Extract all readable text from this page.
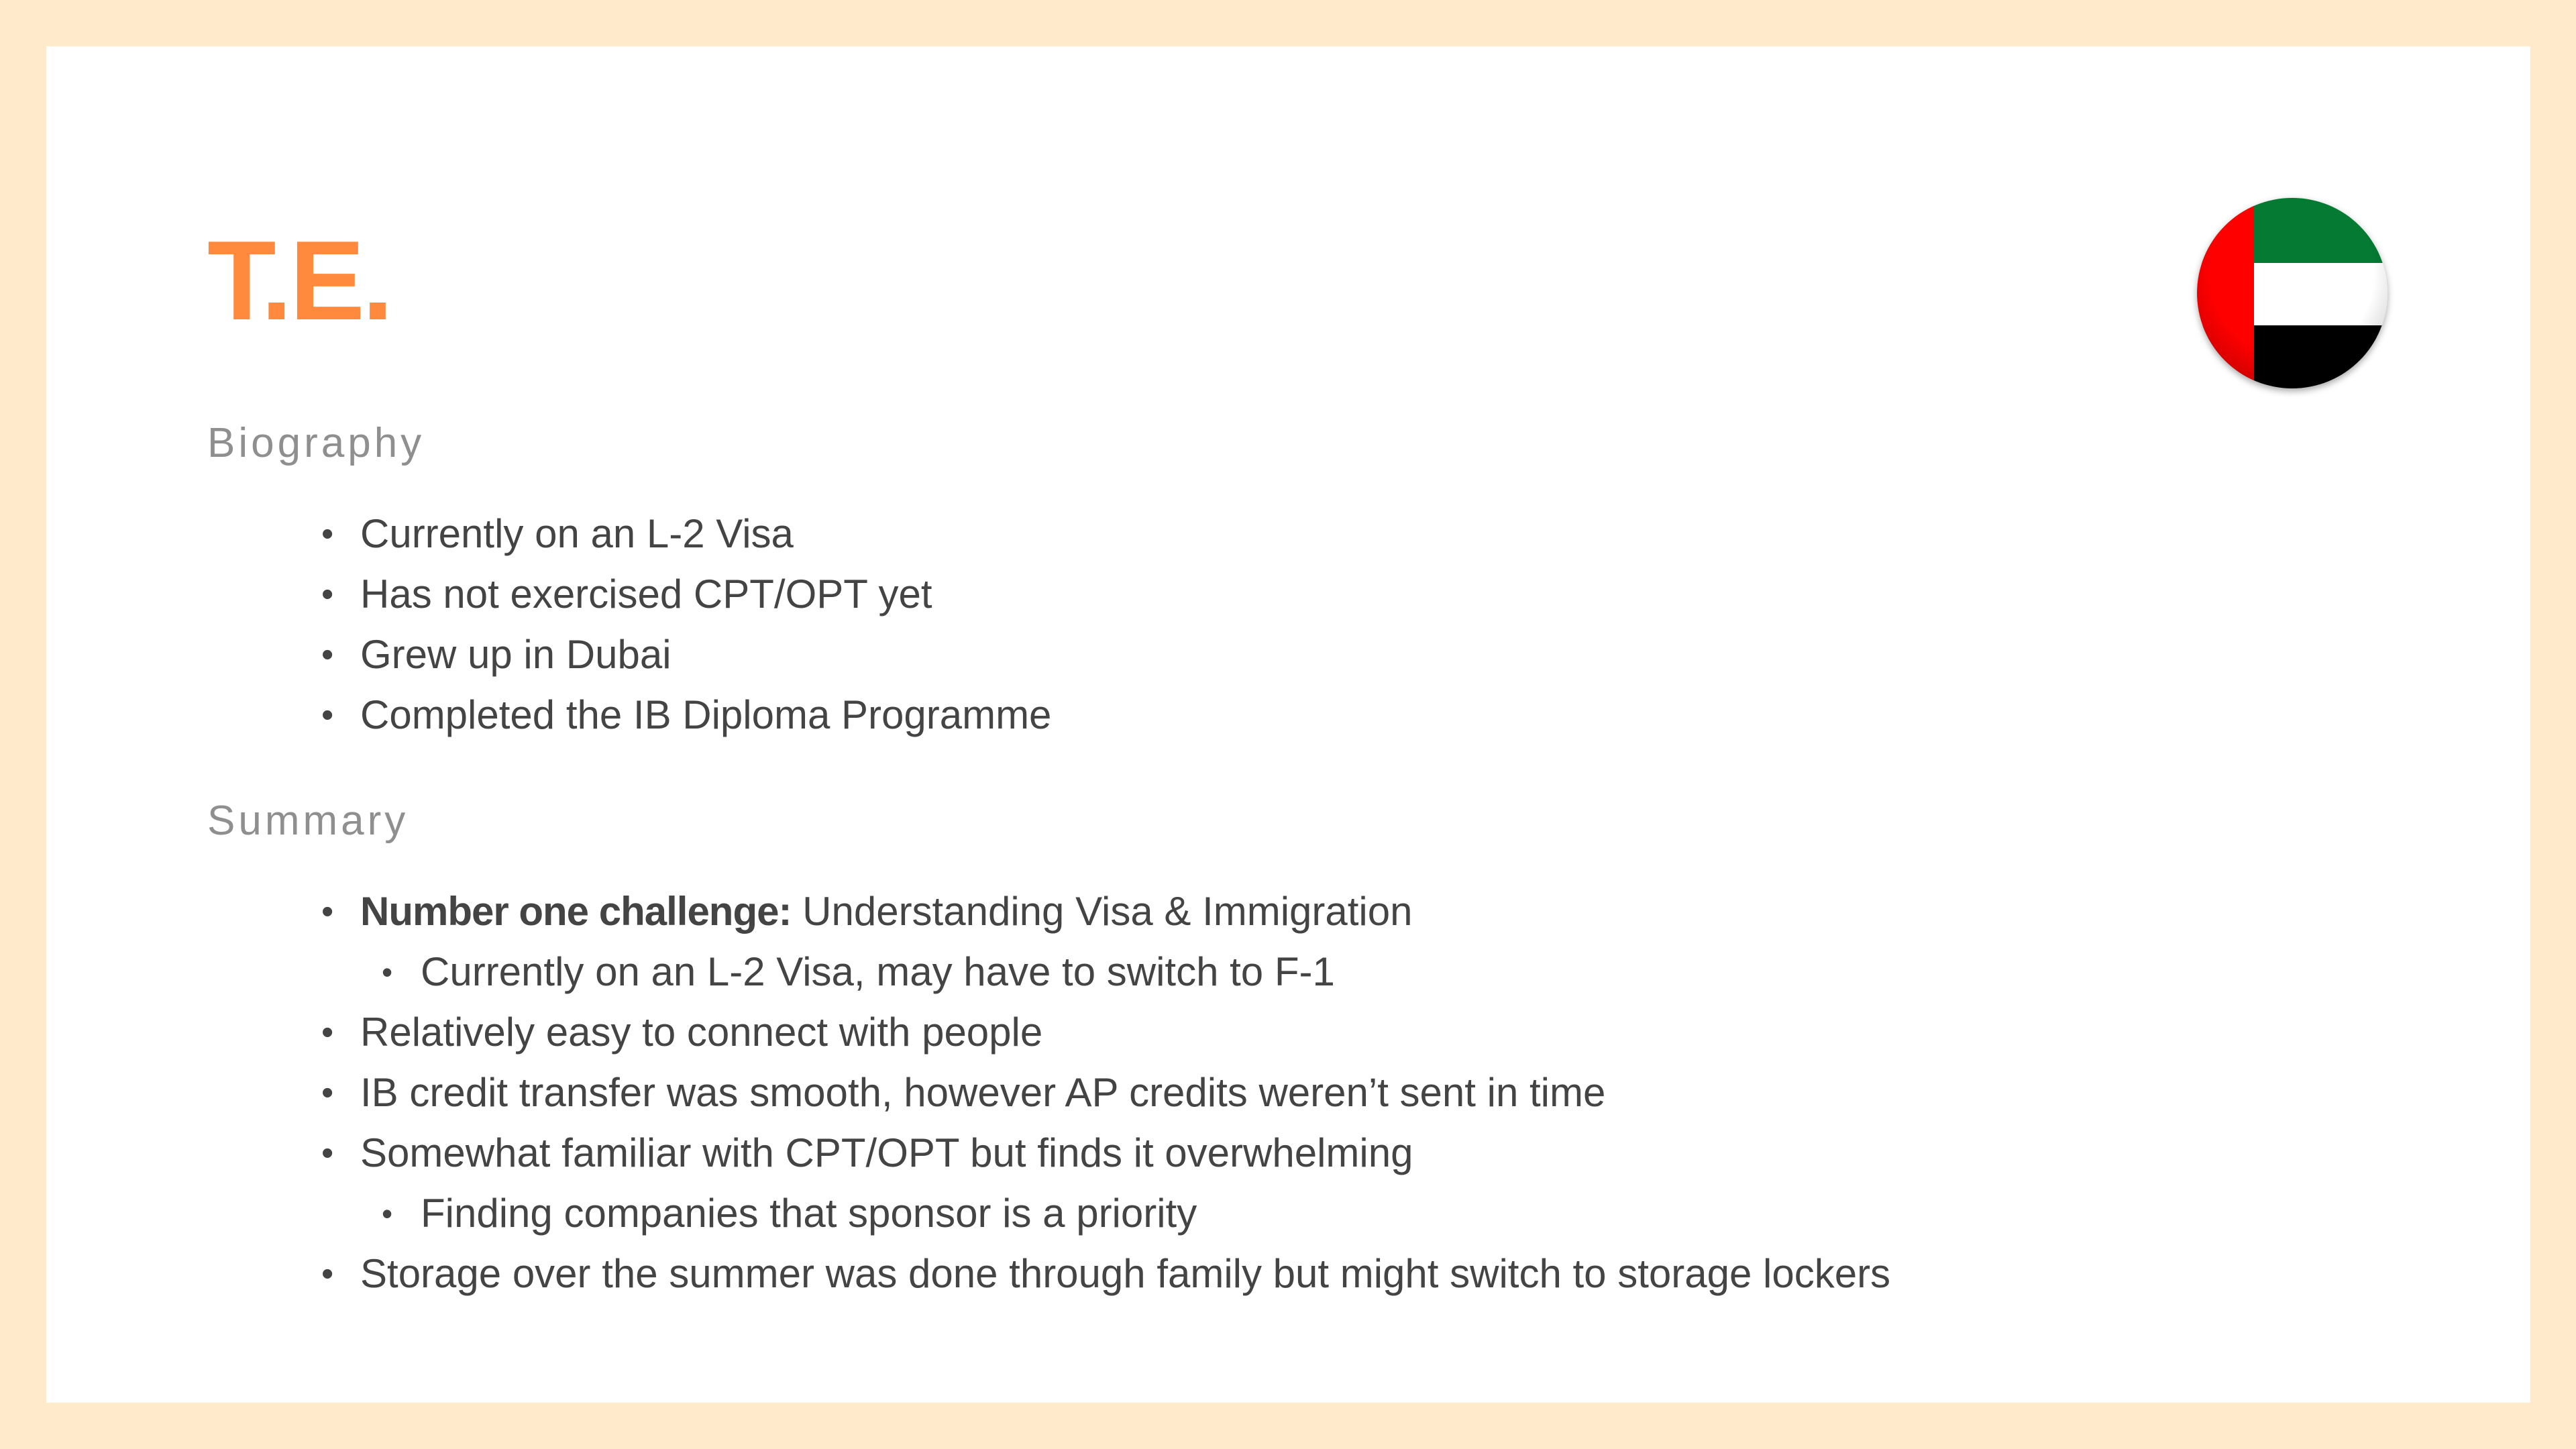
T.E.
Biography
• Currently on an L-2 Visa
• Has not exercised CPT/OPT yet
• Grew up in Dubai
• Completed the IB Diploma Programme
Summary
• Number one challenge: Understanding Visa & Immigration
• Currently on an L-2 Visa, may have to switch to F-1
• Relatively easy to connect with people
• IB credit transfer was smooth, however AP credits weren’t sent in time
• Somewhat familiar with CPT/OPT but finds it overwhelming
• Finding companies that sponsor is a priority
• Storage over the summer was done through family but might switch to storage lockers
